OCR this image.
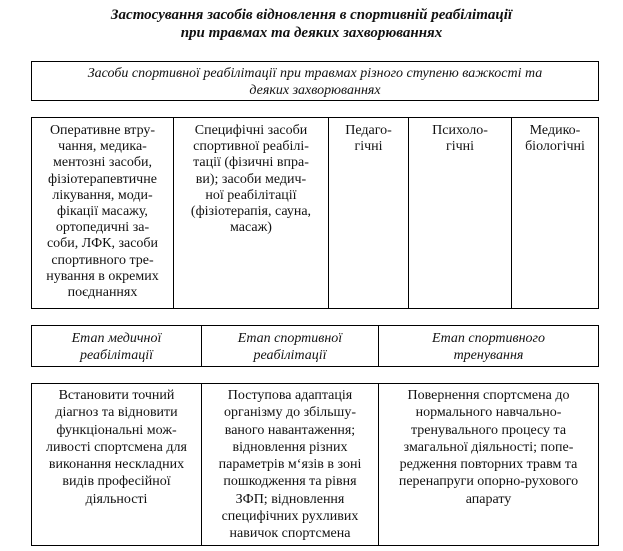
Застосування засобів відновлення в спортивній реабілітації
при травмах та деяких захворюваннях
Засоби спортивної реабілітації при травмах різного ступеню важкості та
деяких захворюваннях
Оперативне втру-
чання, медика-
ментозні засоби,
фізіотерапевтичне
лікування, моди-
фікації масажу,
ортопедичні за-
соби, ЛФК, засоби
спортивного тре-
нування в окремих
поєднаннях
Специфічні засоби
спортивної реабілі-
тації (фізичні впра-
ви); засоби медич-
ної реабілітації
(фізіотерапія, сауна,
масаж)
Педаго-
гічні
Психоло-
гічні
Медико-
біологічні
Етап медичної
реабілітації
Етап спортивної
реабілітації
Етап спортивного
тренування
Встановити точний
діагноз та відновити
функціональні мож-
ливості спортсмена для
виконання нескладних
видів професійної
діяльності
Поступова адаптація
організму до збільшу-
ваного навантаження;
відновлення різних
параметрів м‘язів в зоні
пошкодження та рівня
ЗФП; відновлення
специфічних рухливих
навичок спортсмена
Повернення спортсмена до
нормального навчально-
тренувального процесу та
змагальної діяльності; попе-
редження повторних травм та
перенапруги опорно-рухового
апарату
